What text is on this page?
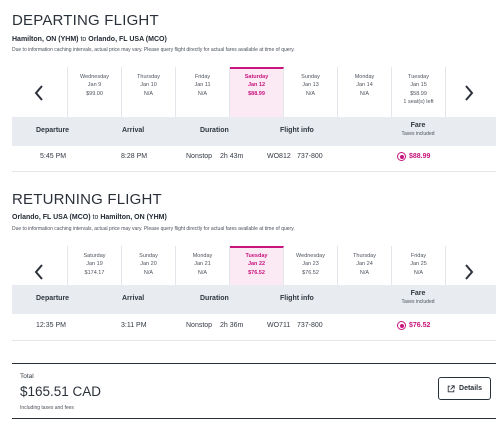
DEPARTING FLIGHT
Hamilton, ON (YHM) to Orlando, FL USA (MCO)
Due to information caching intervals, actual price may vary. Please query flight directly for actual fares available at time of query.
Wednesday
Jan 9
$99.00
Thursday
Jan 10
N/A
Friday
Jan 11
N/A
Saturday
Jan 12
$88.99
Sunday
Jan 13
N/A
Monday
Jan 14
N/A
Tuesday
Jan 15
$58.99
1 seat(s) left
Departure	Arrival	Duration	Flight info
Fare
Taxes included
5:45 PM	8:28 PM	Nonstop 2h 43m	WO812 737-800	$88.99
RETURNING FLIGHT
Orlando, FL USA (MCO) to Hamilton, ON (YHM)
Due to information caching intervals, actual price may vary. Please query flight directly for actual fares available at time of query.
Saturday
Jan 19
$174.17
Sunday
Jan 20
N/A
Monday
Jan 21
N/A
Tuesday
Jan 22
$76.52
Wednesday
Jan 23
$76.52
Thursday
Jan 24
N/A
Friday
Jan 25
N/A
Departure	Arrival	Duration	Flight info
Fare
Taxes included
12:35 PM	3:11 PM	Nonstop 2h 36m	WO711 737-800	$76.52
Total
$165.51 CAD
Including taxes and fees
Details
